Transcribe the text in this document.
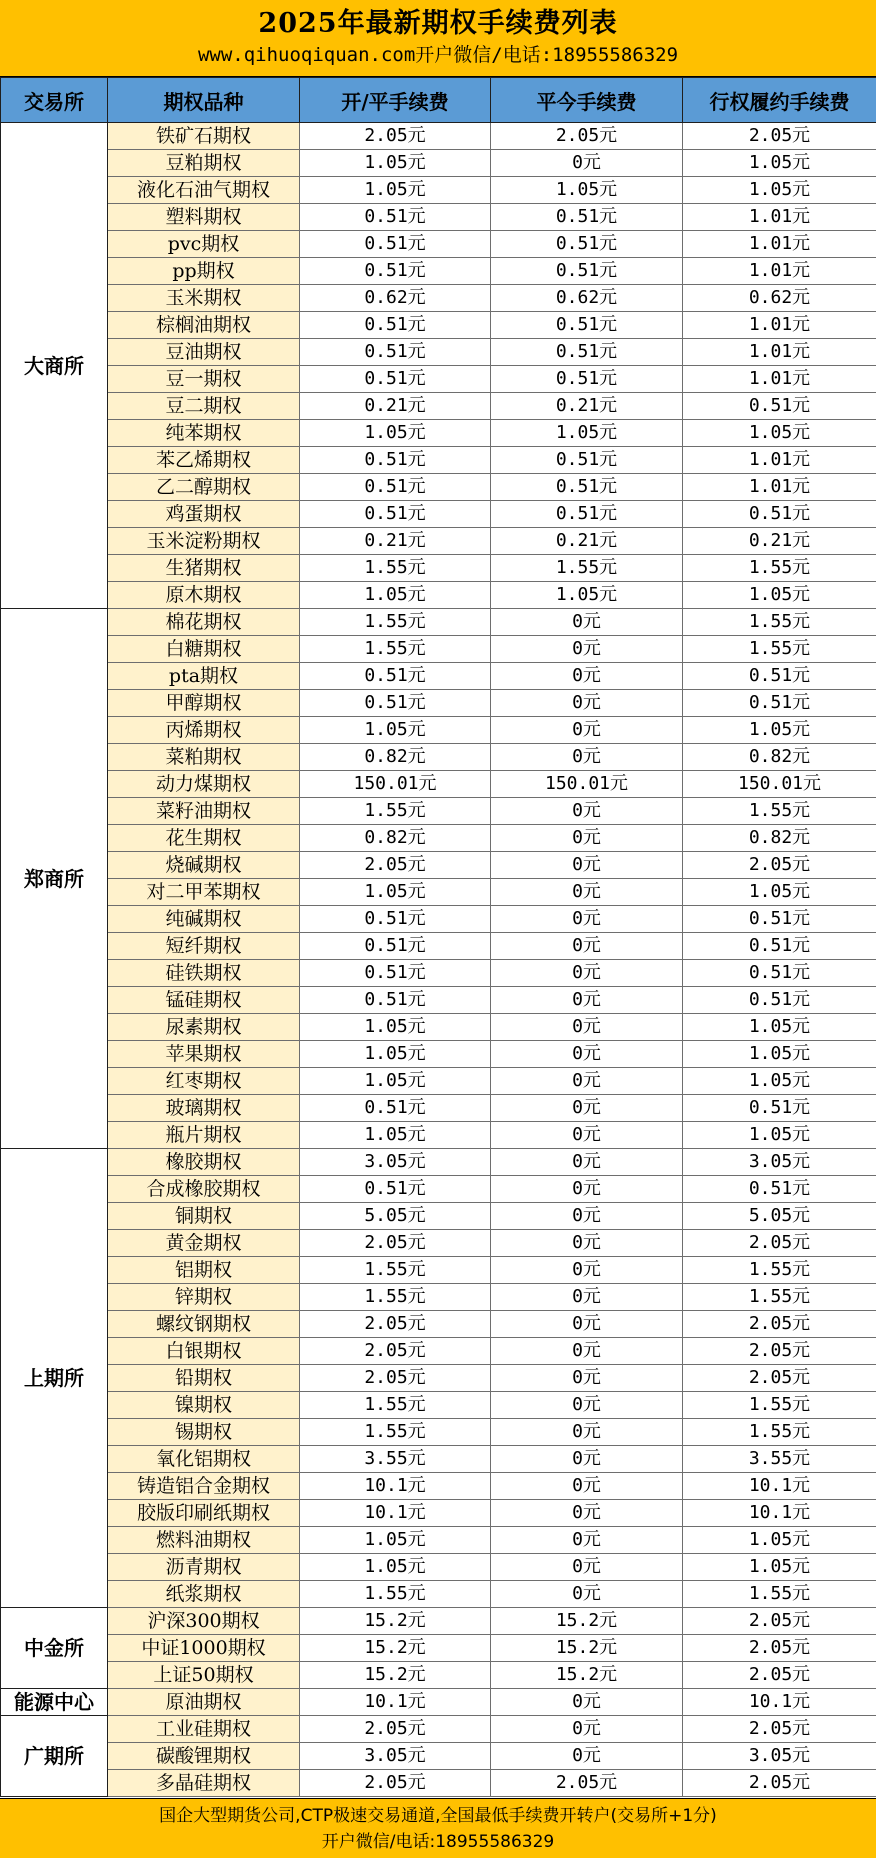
2025年最新期权手续费列表
www.qihuoqiquan.com开户微信/电话:18955586329
交易所	期权品种	开/平手续费	平今手续费	行权履约手续费
大商所	铁矿石期权	2.05元	2.05元	2.05元
	豆粕期权	1.05元	0元	1.05元
	液化石油气期权	1.05元	1.05元	1.05元
	塑料期权	0.51元	0.51元	1.01元
	pvc期权	0.51元	0.51元	1.01元
	pp期权	0.51元	0.51元	1.01元
	玉米期权	0.62元	0.62元	0.62元
	棕榈油期权	0.51元	0.51元	1.01元
	豆油期权	0.51元	0.51元	1.01元
	豆一期权	0.51元	0.51元	1.01元
	豆二期权	0.21元	0.21元	0.51元
	纯苯期权	1.05元	1.05元	1.05元
	苯乙烯期权	0.51元	0.51元	1.01元
	乙二醇期权	0.51元	0.51元	1.01元
	鸡蛋期权	0.51元	0.51元	0.51元
	玉米淀粉期权	0.21元	0.21元	0.21元
	生猪期权	1.55元	1.55元	1.55元
	原木期权	1.05元	1.05元	1.05元
郑商所	棉花期权	1.55元	0元	1.55元
	白糖期权	1.55元	0元	1.55元
	pta期权	0.51元	0元	0.51元
	甲醇期权	0.51元	0元	0.51元
	丙烯期权	1.05元	0元	1.05元
	菜粕期权	0.82元	0元	0.82元
	动力煤期权	150.01元	150.01元	150.01元
	菜籽油期权	1.55元	0元	1.55元
	花生期权	0.82元	0元	0.82元
	烧碱期权	2.05元	0元	2.05元
	对二甲苯期权	1.05元	0元	1.05元
	纯碱期权	0.51元	0元	0.51元
	短纤期权	0.51元	0元	0.51元
	硅铁期权	0.51元	0元	0.51元
	锰硅期权	0.51元	0元	0.51元
	尿素期权	1.05元	0元	1.05元
	苹果期权	1.05元	0元	1.05元
	红枣期权	1.05元	0元	1.05元
	玻璃期权	0.51元	0元	0.51元
	瓶片期权	1.05元	0元	1.05元
上期所	橡胶期权	3.05元	0元	3.05元
	合成橡胶期权	0.51元	0元	0.51元
	铜期权	5.05元	0元	5.05元
	黄金期权	2.05元	0元	2.05元
	铝期权	1.55元	0元	1.55元
	锌期权	1.55元	0元	1.55元
	螺纹钢期权	2.05元	0元	2.05元
	白银期权	2.05元	0元	2.05元
	铅期权	2.05元	0元	2.05元
	镍期权	1.55元	0元	1.55元
	锡期权	1.55元	0元	1.55元
	氧化铝期权	3.55元	0元	3.55元
	铸造铝合金期权	10.1元	0元	10.1元
	胶版印刷纸期权	10.1元	0元	10.1元
	燃料油期权	1.05元	0元	1.05元
	沥青期权	1.05元	0元	1.05元
	纸浆期权	1.55元	0元	1.55元
中金所	沪深300期权	15.2元	15.2元	2.05元
	中证1000期权	15.2元	15.2元	2.05元
	上证50期权	15.2元	15.2元	2.05元
能源中心	原油期权	10.1元	0元	10.1元
广期所	工业硅期权	2.05元	0元	2.05元
	碳酸锂期权	3.05元	0元	3.05元
	多晶硅期权	2.05元	2.05元	2.05元
国企大型期货公司,CTP极速交易通道,全国最低手续费开转户(交易所+1分)
开户微信/电话:18955586329
